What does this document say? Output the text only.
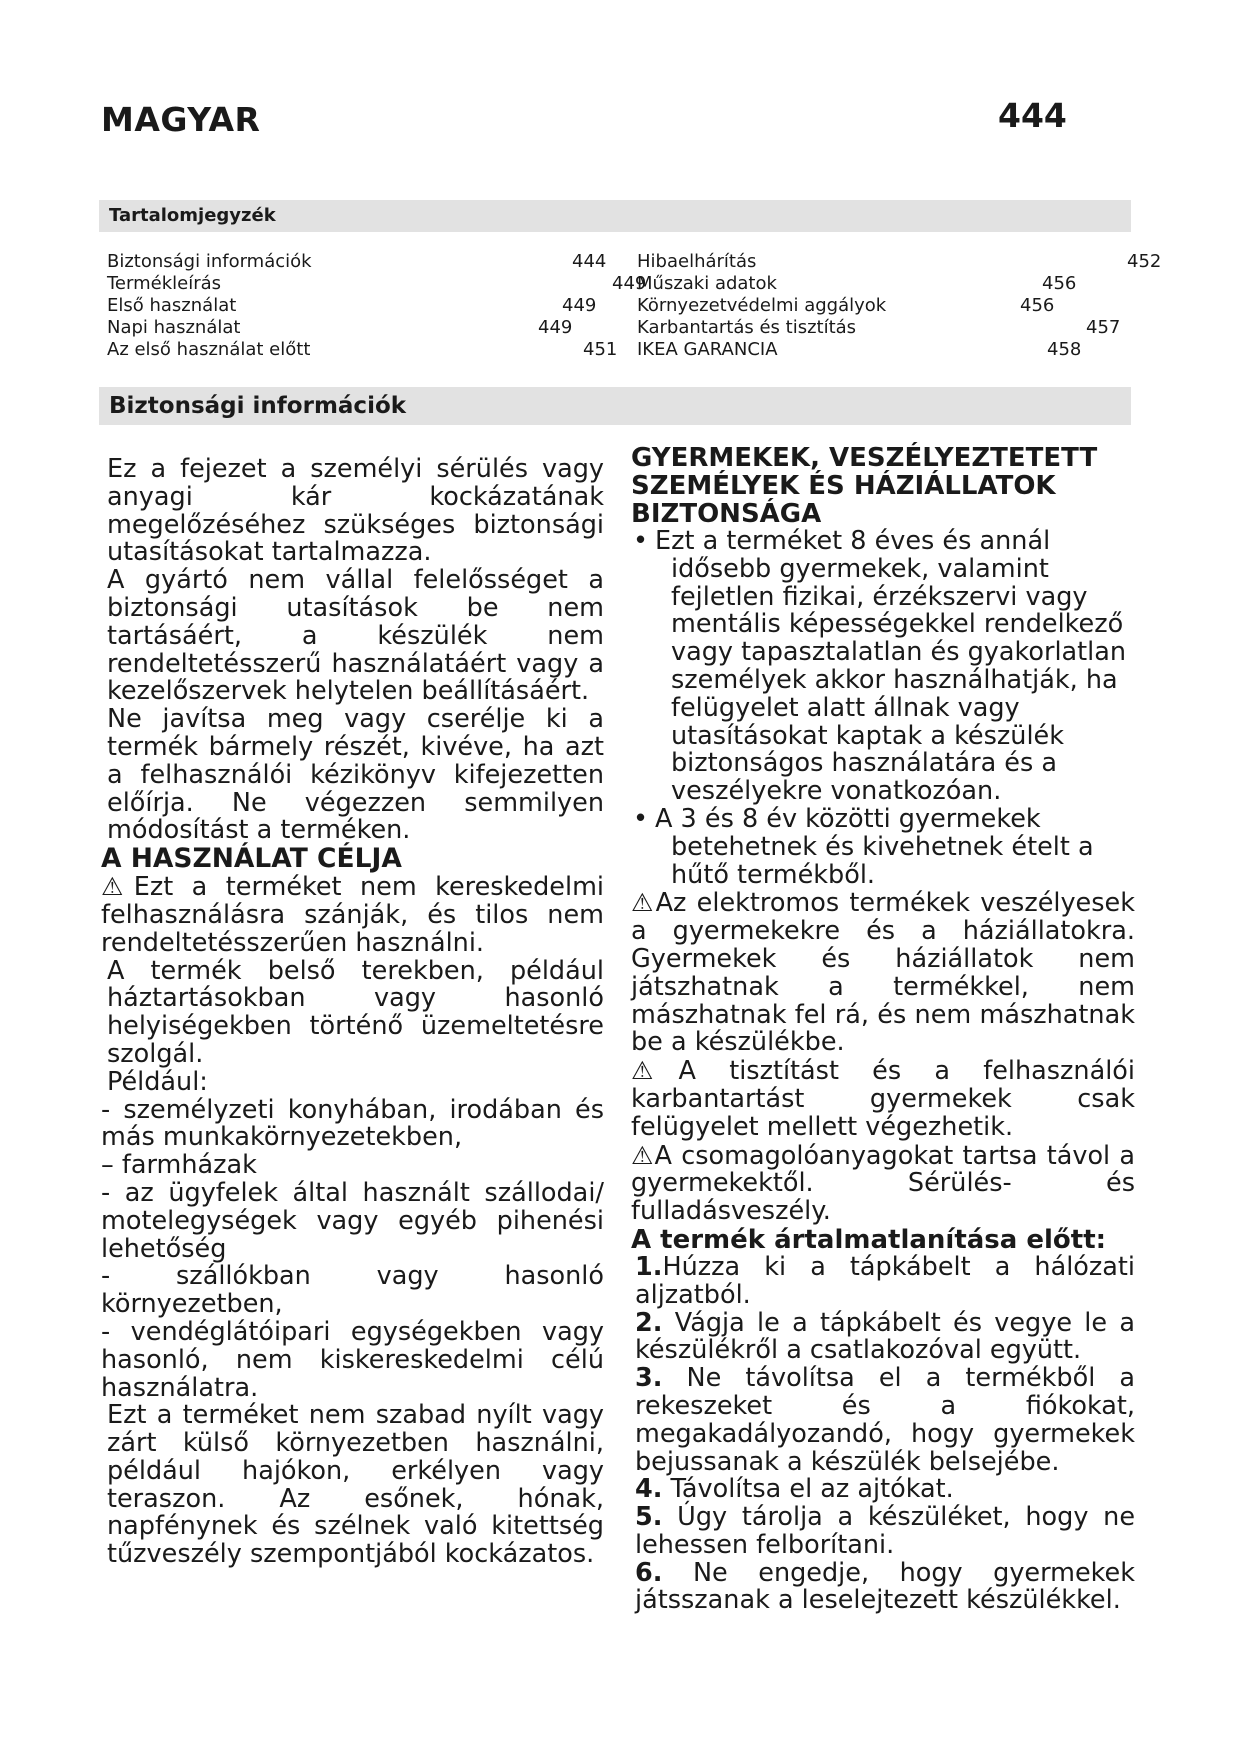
MAGYAR	444
Tartalomjegyzék
Biztonsági információk	444
Termékleírás	449
Első használat	449
Napi használat	449
Az első használat előtt	451
Hibaelhárítás	452
Műszaki adatok	456
Környezetvédelmi aggályok	456
Karbantartás és tisztítás	457
IKEA GARANCIA	458
Biztonsági információk

Ez a fejezet a személyi sérülés vagy anyagi kár kockázatának megelőzéséhez szükséges biztonsági utasításokat tartalmazza.

A gyártó nem vállal felelősséget a biztonsági utasítások be nem tartásáért, a készülék nem rendeltetésszerű használatáért vagy a kezelőszervek helytelen beállításáért.

Ne javítsa meg vagy cserélje ki a termék bármely részét, kivéve, ha azt a felhasználói kézikönyv kifejezetten előírja. Ne végezzen semmilyen módosítást a terméken.

A HASZNÁLAT CÉLJA

⚠Ezt a terméket nem kereskedelmi felhasználásra szánják, és tilos nem rendeltetésszerűen használni.

A termék belső terekben, például háztartásokban vagy hasonló helyiségekben történő üzemeltetésre szolgál.

Például:

- személyzeti konyhában, irodában és más munkakörnyezetekben,

– farmházak

- az ügyfelek által használt szállodai/ motelegységek vagy egyéb pihenési lehetőség

- szállókban vagy hasonló környezetben,

- vendéglátóipari egységekben vagy hasonló, nem kiskereskedelmi célú használatra.

Ezt a terméket nem szabad nyílt vagy zárt külső környezetben használni, például hajókon, erkélyen vagy teraszon. Az esőnek, hónak, napfénynek és szélnek való kitettség tűzveszély szempontjából kockázatos.

GYERMEKEK, VESZÉLYEZTETETT SZEMÉLYEK ÉS HÁZIÁLLATOK BIZTONSÁGA

• Ezt a terméket 8 éves és annál
idősebb gyermekek, valamint fejletlen fizikai, érzékszervi vagy mentális képességekkel rendelkező vagy tapasztalatlan és gyakorlatlan személyek akkor használhatják, ha felügyelet alatt állnak vagy utasításokat kaptak a készülék biztonságos használatára és a veszélyekre vonatkozóan.
• A 3 és 8 év közötti gyermekek
betehetnek és kivehetnek ételt a hűtő termékből.

⚠Az elektromos termékek veszélyesek a gyermekekre és a háziállatokra. Gyermekek és háziállatok nem játszhatnak a termékkel, nem mászhatnak fel rá, és nem mászhatnak be a készülékbe.

⚠A tisztítást és a felhasználói karbantartást gyermekek csak felügyelet mellett végezhetik.

⚠A csomagolóanyagokat tartsa távol a gyermekektől. Sérülés- és fulladásveszély.

A termék ártalmatlanítása előtt:

1.Húzza ki a tápkábelt a hálózati aljzatból.

2. Vágja le a tápkábelt és vegye le a készülékről a csatlakozóval együtt.

3. Ne távolítsa el a termékből a rekeszeket és a fiókokat, megakadályozandó, hogy gyermekek bejussanak a készülék belsejébe.

4. Távolítsa el az ajtókat.

5. Úgy tárolja a készüléket, hogy ne lehessen felborítani.

6. Ne engedje, hogy gyermekek játsszanak a leselejtezett készülékkel.
